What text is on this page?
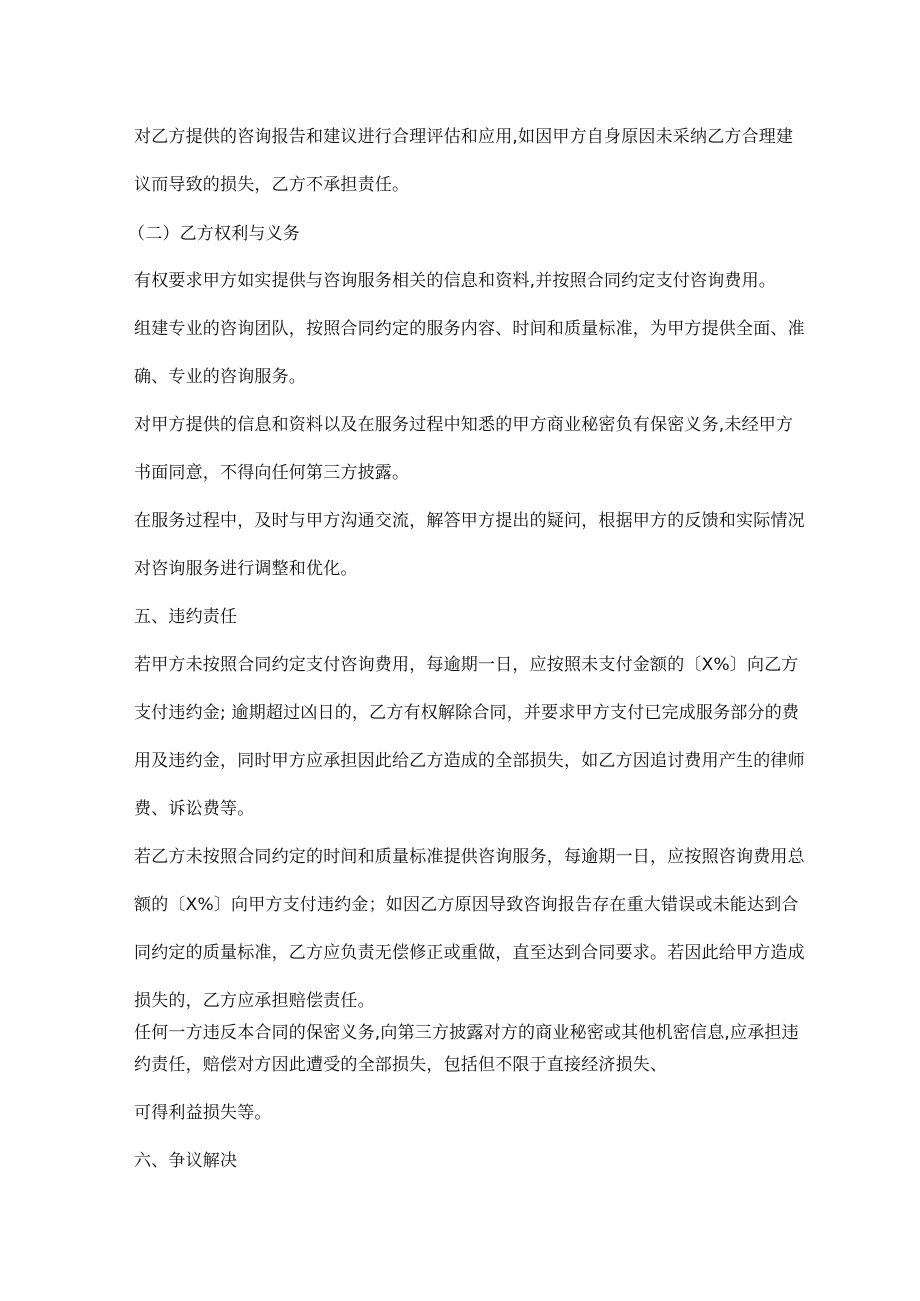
对乙方提供的咨询报告和建议进行合理评估和应用,如因甲方自身原因未采纳乙方合理建
议而导致的损失，乙方不承担责任。
（二）乙方权利与义务
有权要求甲方如实提供与咨询服务相关的信息和资料,并按照合同约定支付咨询费用。
组建专业的咨询团队，按照合同约定的服务内容、时间和质量标准，为甲方提供全面、准
确、专业的咨询服务。
对甲方提供的信息和资料以及在服务过程中知悉的甲方商业秘密负有保密义务,未经甲方
书面同意，不得向任何第三方披露。
在服务过程中，及时与甲方沟通交流，解答甲方提出的疑问，根据甲方的反馈和实际情况
对咨询服务进行调整和优化。
五、违约责任
若甲方未按照合同约定支付咨询费用，每逾期一日，应按照未支付金额的〔X%〕向乙方
支付违约金; 逾期超过凶日的，乙方有权解除合同，并要求甲方支付已完成服务部分的费
用及违约金，同时甲方应承担因此给乙方造成的全部损失，如乙方因追讨费用产生的律师
费、诉讼费等。
若乙方未按照合同约定的时间和质量标准提供咨询服务，每逾期一日，应按照咨询费用总
额的〔X%〕向甲方支付违约金；如因乙方原因导致咨询报告存在重大错误或未能达到合
同约定的质量标准，乙方应负责无偿修正或重做，直至达到合同要求。若因此给甲方造成
损失的，乙方应承担赔偿责任。
任何一方违反本合同的保密义务,向第三方披露对方的商业秘密或其他机密信息,应承担违
约责任，赔偿对方因此遭受的全部损失，包括但不限于直接经济损失、
可得利益损失等。
六、争议解决
